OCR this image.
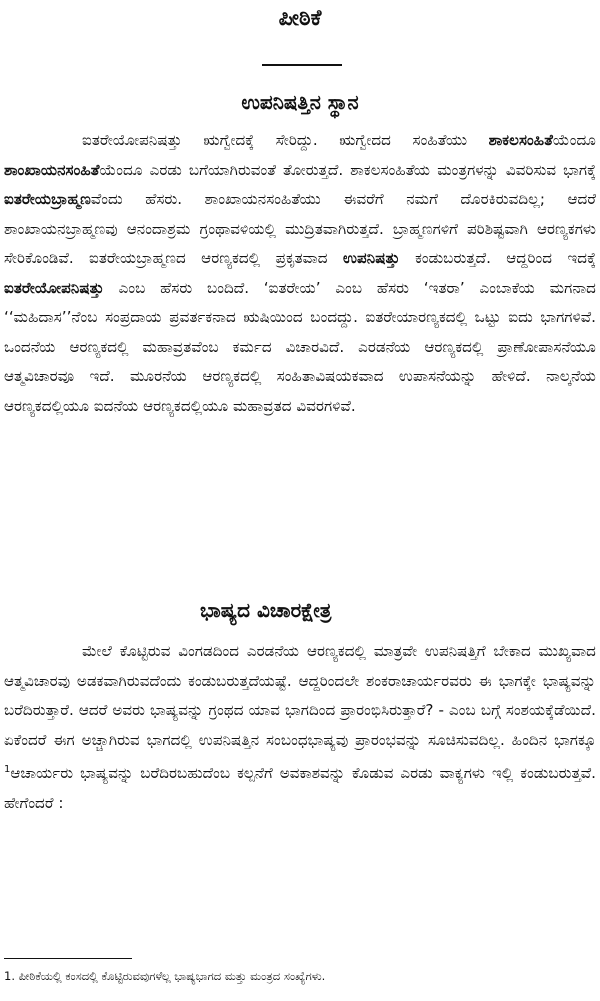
ಪೀಠಿಕೆ
ಉಪನಿಷತ್ತಿನ ಸ್ಥಾನ
ಐತರೇಯೋಪನಿಷತ್ತು ಋಗ್ವೇದಕ್ಕೆ ಸೇರಿದ್ದು. ಋಗ್ವೇದದ ಸಂಹಿತೆಯು ಶಾಕಲಸಂಹಿತೆಯೆಂದೂ ಶಾಂಖಾಯನಸಂಹಿತೆಯೆಂದೂ ಎರಡು ಬಗೆಯಾಗಿರುವಂತೆ ತೋರುತ್ತದೆ. ಶಾಕಲಸಂಹಿತೆಯ ಮಂತ್ರಗಳನ್ನು ವಿವರಿಸುವ ಭಾಗಕ್ಕೆ ಐತರೇಯಬ್ರಾಹ್ಮಣವೆಂದು ಹೆಸರು. ಶಾಂಖಾಯನಸಂಹಿತೆಯು ಈವರೆಗೆ ನಮಗೆ ದೊರಕಿರುವದಿಲ್ಲ; ಆದರೆ ಶಾಂಖಾಯನಬ್ರಾಹ್ಮಣವು ಆನಂದಾಶ್ರಮ ಗ್ರಂಥಾವಳಿಯಲ್ಲಿ ಮುದ್ರಿತವಾಗಿರುತ್ತದೆ. ಬ್ರಾಹ್ಮಣಗಳಿಗೆ ಪರಿಶಿಷ್ಟವಾಗಿ ಆರಣ್ಯಕಗಳು ಸೇರಿಕೊಂಡಿವೆ. ಐತರೇಯಬ್ರಾಹ್ಮಣದ ಆರಣ್ಯಕದಲ್ಲಿ ಪ್ರಕೃತವಾದ ಉಪನಿಷತ್ತು ಕಂಡುಬರುತ್ತದೆ. ಆದ್ದರಿಂದ ಇದಕ್ಕೆ ಐತರೇಯೋಪನಿಷತ್ತು ಎಂಬ ಹೆಸರು ಬಂದಿದೆ. ‘ಐತರೇಯ’ ಎಂಬ ಹೆಸರು ‘ಇತರಾ’ ಎಂಬಾಕೆಯ ಮಗನಾದ ‘‘ಮಹಿದಾಸ’’ನೆಂಬ ಸಂಪ್ರದಾಯ ಪ್ರವರ್ತಕನಾದ ಋಷಿಯಿಂದ ಬಂದದ್ದು. ಐತರೇಯಾರಣ್ಯಕದಲ್ಲಿ ಒಟ್ಟು ಐದು ಭಾಗಗಳಿವೆ. ಒಂದನೆಯ ಆರಣ್ಯಕದಲ್ಲಿ ಮಹಾವ್ರತವೆಂಬ ಕರ್ಮದ ವಿಚಾರವಿದೆ. ಎರಡನೆಯ ಆರಣ್ಯಕದಲ್ಲಿ ಪ್ರಾಣೋಪಾಸನೆಯೂ ಆತ್ಮವಿಚಾರವೂ ಇದೆ. ಮೂರನೆಯ ಆರಣ್ಯಕದಲ್ಲಿ ಸಂಹಿತಾವಿಷಯಕವಾದ ಉಪಾಸನೆಯನ್ನು ಹೇಳಿದೆ. ನಾಲ್ಕನೆಯ ಆರಣ್ಯಕದಲ್ಲಿಯೂ ಐದನೆಯ ಆರಣ್ಯಕದಲ್ಲಿಯೂ ಮಹಾವ್ರತದ ವಿವರಗಳಿವೆ.
ಭಾಷ್ಯದ ವಿಚಾರಕ್ಷೇತ್ರ
ಮೇಲೆ ಕೊಟ್ಟಿರುವ ವಿಂಗಡದಿಂದ ಎರಡನೆಯ ಆರಣ್ಯಕದಲ್ಲಿ ಮಾತ್ರವೇ ಉಪನಿಷತ್ತಿಗೆ ಬೇಕಾದ ಮುಖ್ಯವಾದ ಆತ್ಮವಿಚಾರವು ಅಡಕವಾಗಿರುವದೆಂದು ಕಂಡುಬರುತ್ತದೆಯಷ್ಟೆ. ಆದ್ದರಿಂದಲೇ ಶಂಕರಾಚಾರ್ಯರವರು ಈ ಭಾಗಕ್ಕೇ ಭಾಷ್ಯವನ್ನು ಬರೆದಿರುತ್ತಾರೆ. ಆದರೆ ಅವರು ಭಾಷ್ಯವನ್ನು ಗ್ರಂಥದ ಯಾವ ಭಾಗದಿಂದ ಪ್ರಾರಂಭಿಸಿರುತ್ತಾರೆ? - ಎಂಬ ಬಗ್ಗೆ ಸಂಶಯಕ್ಕೆಡೆಯಿದೆ. ಏಕೆಂದರೆ ಈಗ ಅಚ್ಚಾಗಿರುವ ಭಾಗದಲ್ಲಿ ಉಪನಿಷತ್ತಿನ ಸಂಬಂಧಭಾಷ್ಯವು ಪ್ರಾರಂಭವನ್ನು ಸೂಚಿಸುವದಿಲ್ಲ. ಹಿಂದಿನ ಭಾಗಕ್ಕೂ $^1$ಆಚಾರ್ಯರು ಭಾಷ್ಯವನ್ನು ಬರೆದಿರಬಹುದೆಂಬ ಕಲ್ಪನೆಗೆ ಅವಕಾಶವನ್ನು ಕೊಡುವ ಎರಡು ವಾಕ್ಯಗಳು ಇಲ್ಲಿ ಕಂಡುಬರುತ್ತವೆ. ಹೇಗೆಂದರೆ :
1. ಪೀಠಿಕೆಯಲ್ಲಿ ಕಂಸದಲ್ಲಿ ಕೊಟ್ಟಿರುವವುಗಳೆಲ್ಲ ಭಾಷ್ಯಭಾಗದ ಮತ್ತು ಮಂತ್ರದ ಸಂಖ್ಯೆಗಳು.
